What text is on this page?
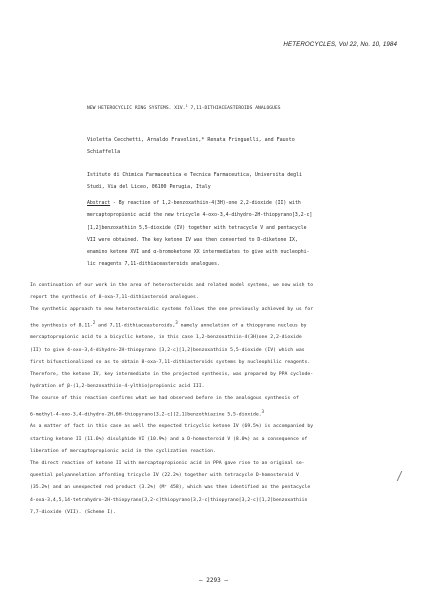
HETEROCYCLES, Vol 22, No. 10, 1984
NEW HETEROCYCLIC RING SYSTEMS. XIV.$^1$ 7,11-DITHIACEASTEROIDS ANALOGUES
Violetta Cecchetti, Arnaldo Fravolini,* Renata Fringuelli, and Fausto
Schiaffella
Istituto di Chimica Farmaceutica e Tecnica Farmaceutica, Universita degli
Studi, Via del Liceo, 06100 Perugia, Italy
Abstract - By reaction of 1,2-benzoxathiin-4(3H)-one 2,2-dioxide (II) with
mercaptopropionic acid the new tricycle 4-oxo-3,4-dihydro-2H-thiopyrano[3,2-c]
[1,2]benzoxathiin 5,5-dioxide (IV) together with tetracycle V and pentacycle
VII were obtained. The key ketone IV was then converted to D-diketone IX,
enamino ketone XVI and α-bromoketone XX intermediates to give with nucleophi-
lic reagents 7,11-dithiaceasteroids analogues.

In continuation of our work in the area of heterosteroids and related model systems, we now wish to

report the synthesis of 8-oxa-7,11-dithiasteroid analogues.

The synthetic approach to new heterosteroidic systems follows the one previously achieved by us for

the synthesis of 8,11-$^2$ and 7,11-dithiaceasteroids,$^3$ namely annelation of a thiopyrane nucleus by

mercaptopropionic acid to a bicyclic ketone, in this case 1,2-benzoxathiin-4(3H)one 2,2-dioxide

(II) to give 4-oxo-3,4-dihydro-2H-thiopyrano [3,2-c][1,2]benzoxathiin 5,5-dioxide (IV) which was

first bifunctionalized so as to obtain 8-oxa-7,11-dithiasteroids systems by nucleophilic reagents.

Therefore, the ketone IV, key intermediate in the projected synthesis, was prepared by PPA cyclode-

hydration of β-(1,2-benzoxathiin-4-ylthio)propionic acid III.

The course of this reaction confirms what we had observed before in the analogous synthesis of

6-methyl-4-oxo-3,4-dihydro-2H,6H-thiopyrano[3,2-c][2,1]benzothiazine 5,5-dioxide.$^3$

As a matter of fact in this case as well the expected tricyclic ketone IV (69.5%) is accompanied by

starting ketone II (11.6%) disulphide VI (10.9%) and a D-homosteroid V (8.0%) as a consequence of

liberation of mercaptopropionic acid in the cyclization reaction.

The direct reaction of ketone II with mercaptopropionic acid in PPA gave rise to an original se-

quential polyannelation affording tricycle IV (22.2%) together with tetracycle D-homosteroid V

(35.2%) and an unexpected red product (3.2%) (M⁺ 458), which was then identified as the pentacycle

4-oxa-3,4,5,14-tetrahydro-2H-thiopyrano[3,2-c]thiopyrano[3,2-c]thiopyrano[3,2-c][1,2]benzoxathiin

7,7-dioxide (VII). (Scheme I).

— 2293 —
